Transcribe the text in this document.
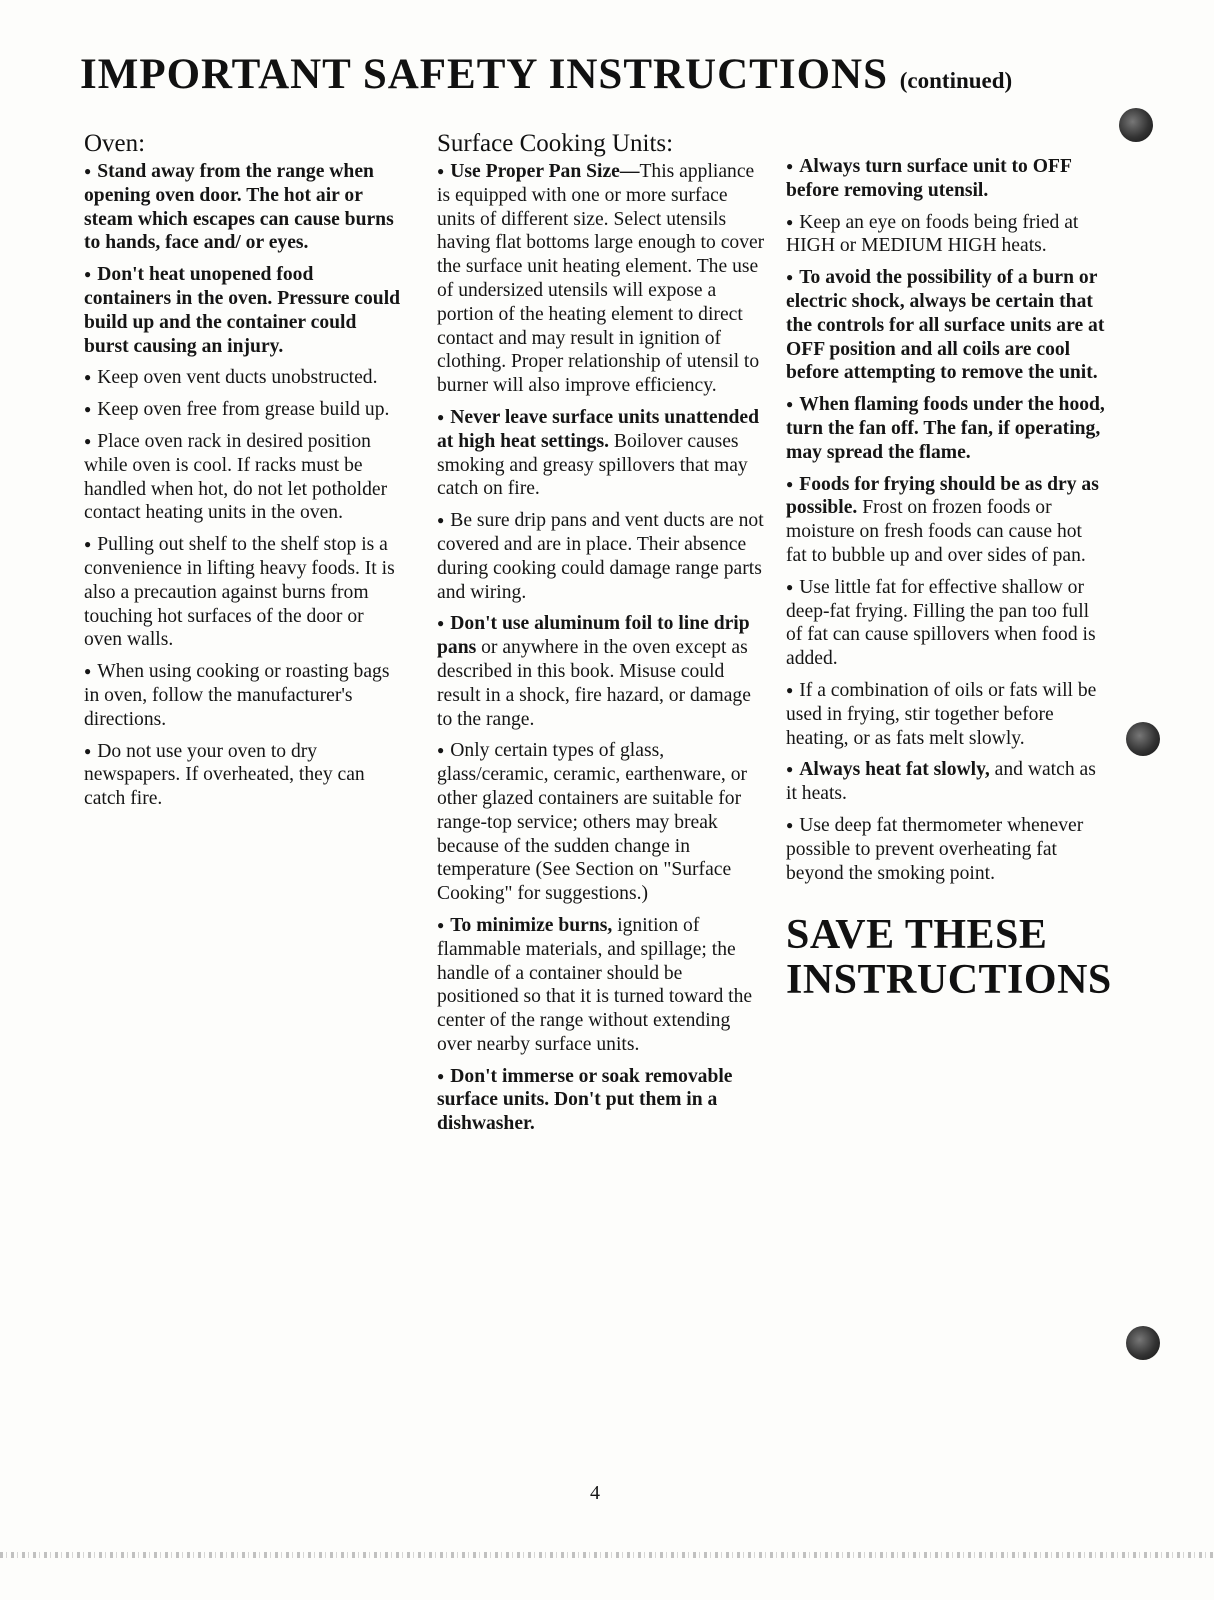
IMPORTANT SAFETY INSTRUCTIONS (continued)
Oven:

● Stand away from the range when opening oven door. The hot air or steam which escapes can cause burns to hands, face and/ or eyes.

● Don't heat unopened food containers in the oven. Pressure could build up and the container could burst causing an injury.

● Keep oven vent ducts unobstructed.

● Keep oven free from grease build up.

● Place oven rack in desired position while oven is cool. If racks must be handled when hot, do not let potholder contact heating units in the oven.

● Pulling out shelf to the shelf stop is a convenience in lifting heavy foods. It is also a precaution against burns from touching hot surfaces of the door or oven walls.

● When using cooking or roasting bags in oven, follow the manufacturer's directions.

● Do not use your oven to dry newspapers. If overheated, they can catch fire.

Surface Cooking Units:

● Use Proper Pan Size—This appliance is equipped with one or more surface units of different size. Select utensils having flat bottoms large enough to cover the surface unit heating element. The use of undersized utensils will expose a portion of the heating element to direct contact and may result in ignition of clothing. Proper relationship of utensil to burner will also improve efficiency.

● Never leave surface units unattended at high heat settings. Boilover causes smoking and greasy spillovers that may catch on fire.

● Be sure drip pans and vent ducts are not covered and are in place. Their absence during cooking could damage range parts and wiring.

● Don't use aluminum foil to line drip pans or anywhere in the oven except as described in this book. Misuse could result in a shock, fire hazard, or damage to the range.

● Only certain types of glass, glass/ceramic, ceramic, earthenware, or other glazed containers are suitable for range-top service; others may break because of the sudden change in temperature (See Section on "Surface Cooking" for suggestions.)

● To minimize burns, ignition of flammable materials, and spillage; the handle of a container should be positioned so that it is turned toward the center of the range without extending over nearby surface units.

● Don't immerse or soak removable surface units. Don't put them in a dishwasher.

● Always turn surface unit to OFF before removing utensil.

● Keep an eye on foods being fried at HIGH or MEDIUM HIGH heats.

● To avoid the possibility of a burn or electric shock, always be certain that the controls for all surface units are at OFF position and all coils are cool before attempting to remove the unit.

● When flaming foods under the hood, turn the fan off. The fan, if operating, may spread the flame.

● Foods for frying should be as dry as possible. Frost on frozen foods or moisture on fresh foods can cause hot fat to bubble up and over sides of pan.

● Use little fat for effective shallow or deep-fat frying. Filling the pan too full of fat can cause spillovers when food is added.

● If a combination of oils or fats will be used in frying, stir together before heating, or as fats melt slowly.

● Always heat fat slowly, and watch as it heats.

● Use deep fat thermometer whenever possible to prevent overheating fat beyond the smoking point.

SAVE THESE
INSTRUCTIONS
4
